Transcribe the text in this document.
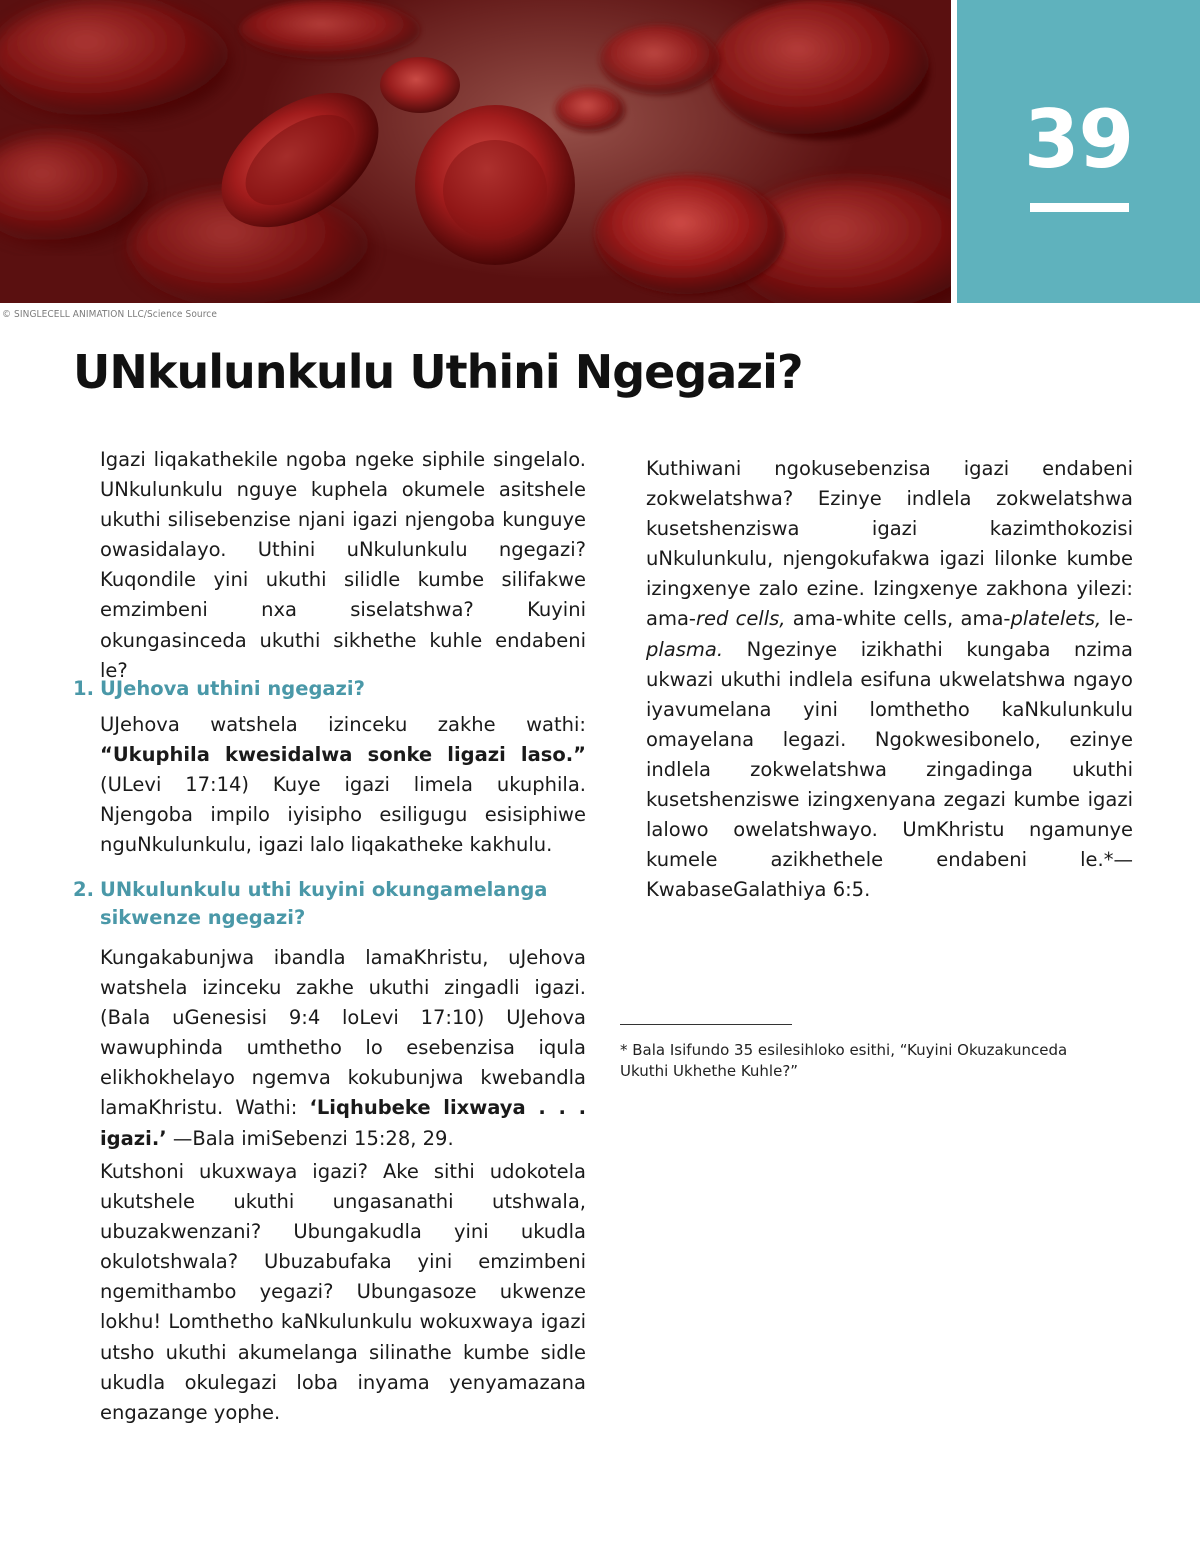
39
© SINGLECELL ANIMATION LLC/Science Source
UNkulunkulu Uthini Ngegazi?

Igazi liqakathekile ngoba ngeke siphile singelalo. UNkulunkulu nguye kuphela okumele asitshele ukuthi silisebenzise njani igazi njengoba kunguye owasidalayo. Uthini uNkulunkulu ngegazi? Kuqondile yini ukuthi silidle kumbe silifakwe emzimbeni nxa siselatshwa? Kuyini okungasinceda ukuthi sikhethe kuhle endabeni le?

1. UJehova uthini ngegazi?

UJehova watshela izinceku zakhe wathi: “Ukuphila kwesidalwa sonke ligazi laso.” (ULevi 17:14) Kuye igazi limela ukuphila. Njengoba impilo iyisipho esiligugu esisiphiwe nguNkulunkulu, igazi lalo liqakatheke kakhulu.

2. UNkulunkulu uthi kuyini okungamelanga
sikwenze ngegazi?

Kungakabunjwa ibandla lamaKhristu, uJehova watshela izinceku zakhe ukuthi zingadli igazi. (Bala uGenesisi 9:4 loLevi 17:10) UJehova wawuphinda umthetho lo esebenzisa iqula elikhokhelayo ngemva kokubunjwa kwebandla lamaKhristu. Wathi: ‘Liqhubeke lixwaya . . . igazi.’ —Bala imiSebenzi 15:28, 29.

Kutshoni ukuxwaya igazi? Ake sithi udokotela ukutshele ukuthi ungasanathi utshwala, ubuzakwenzani? Ubungakudla yini ukudla okulotshwala? Ubuzabufaka yini emzimbeni ngemithambo yegazi? Ubungasoze ukwenze lokhu! Lomthetho kaNkulunkulu wokuxwaya igazi utsho ukuthi akumelanga silinathe kumbe sidle ukudla okulegazi loba inyama yenyamazana engazange yophe.

Kuthiwani ngokusebenzisa igazi endabeni zokwelatshwa? Ezinye indlela zokwelatshwa kusetshenziswa igazi kazimthokozisi uNkulunkulu, njengokufakwa igazi lilonke kumbe izingxenye zalo ezine. Izingxenye zakhona yilezi: ama-red cells, ama-white cells, ama-platelets, le-plasma. Ngezinye izikhathi kungaba nzima ukwazi ukuthi indlela esifuna ukwelatshwa ngayo iyavumelana yini lomthetho kaNkulunkulu omayelana legazi. Ngokwesibonelo, ezinye indlela zokwelatshwa zingadinga ukuthi kusetshenziswe izingxenyana zegazi kumbe igazi lalowo owelatshwayo. UmKhristu ngamunye kumele azikhethele endabeni le.*—KwabaseGalathiya 6:5.

* Bala Isifundo 35 esilesihloko esithi, “Kuyini Okuzakunceda Ukuthi Ukhethe Kuhle?”
